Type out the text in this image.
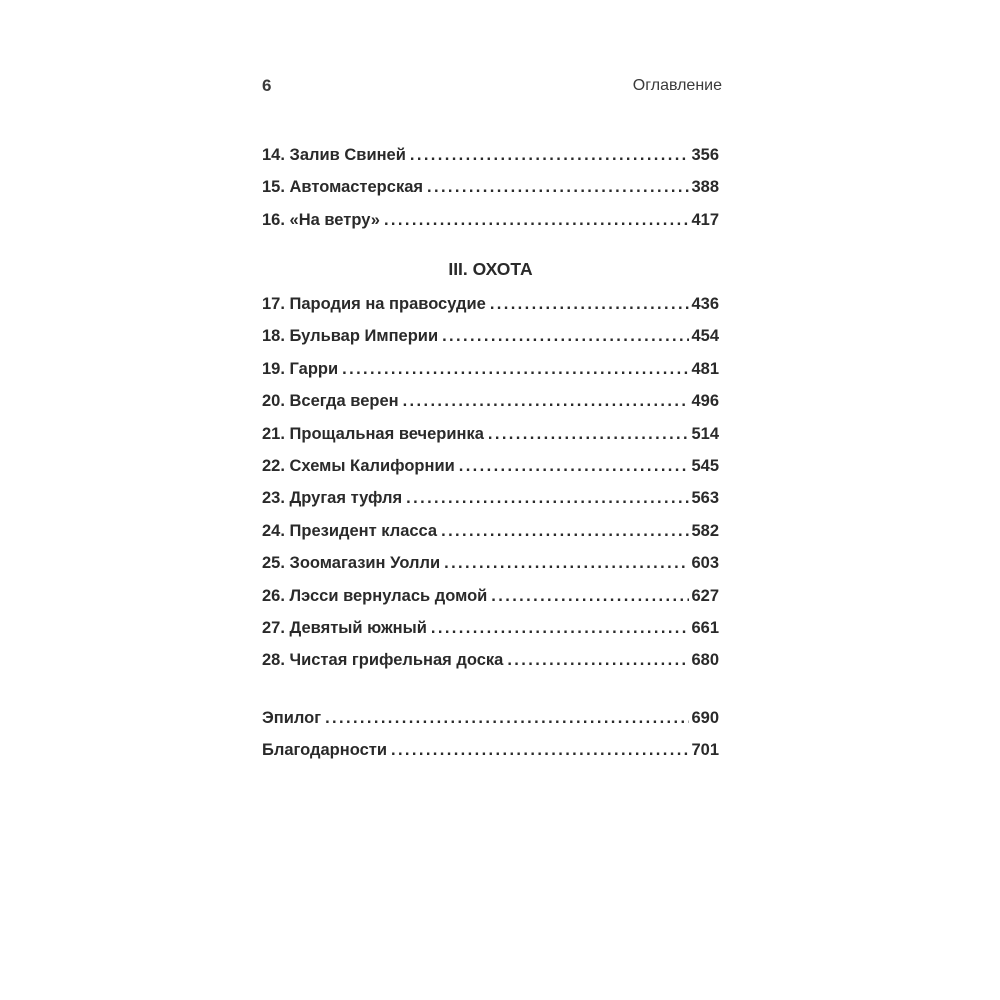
6	Оглавление
14. Залив Свиней . . .	356
15. Автомастерская . . .	388
16. «На ветру» . . .	417
III. ОХОТА
17. Пародия на правосудие . . .	436
18. Бульвар Империи . . .	454
19. Гарри . . .	481
20. Всегда верен . . .	496
21. Прощальная вечеринка . . .	514
22. Схемы Калифорнии . . .	545
23. Другая туфля . . .	563
24. Президент класса . . .	582
25. Зоомагазин Уолли . . .	603
26. Лэсси вернулась домой . . .	627
27. Девятый южный . . .	661
28. Чистая грифельная доска . . .	680
Эпилог . . .	690
Благодарности . . .	701
